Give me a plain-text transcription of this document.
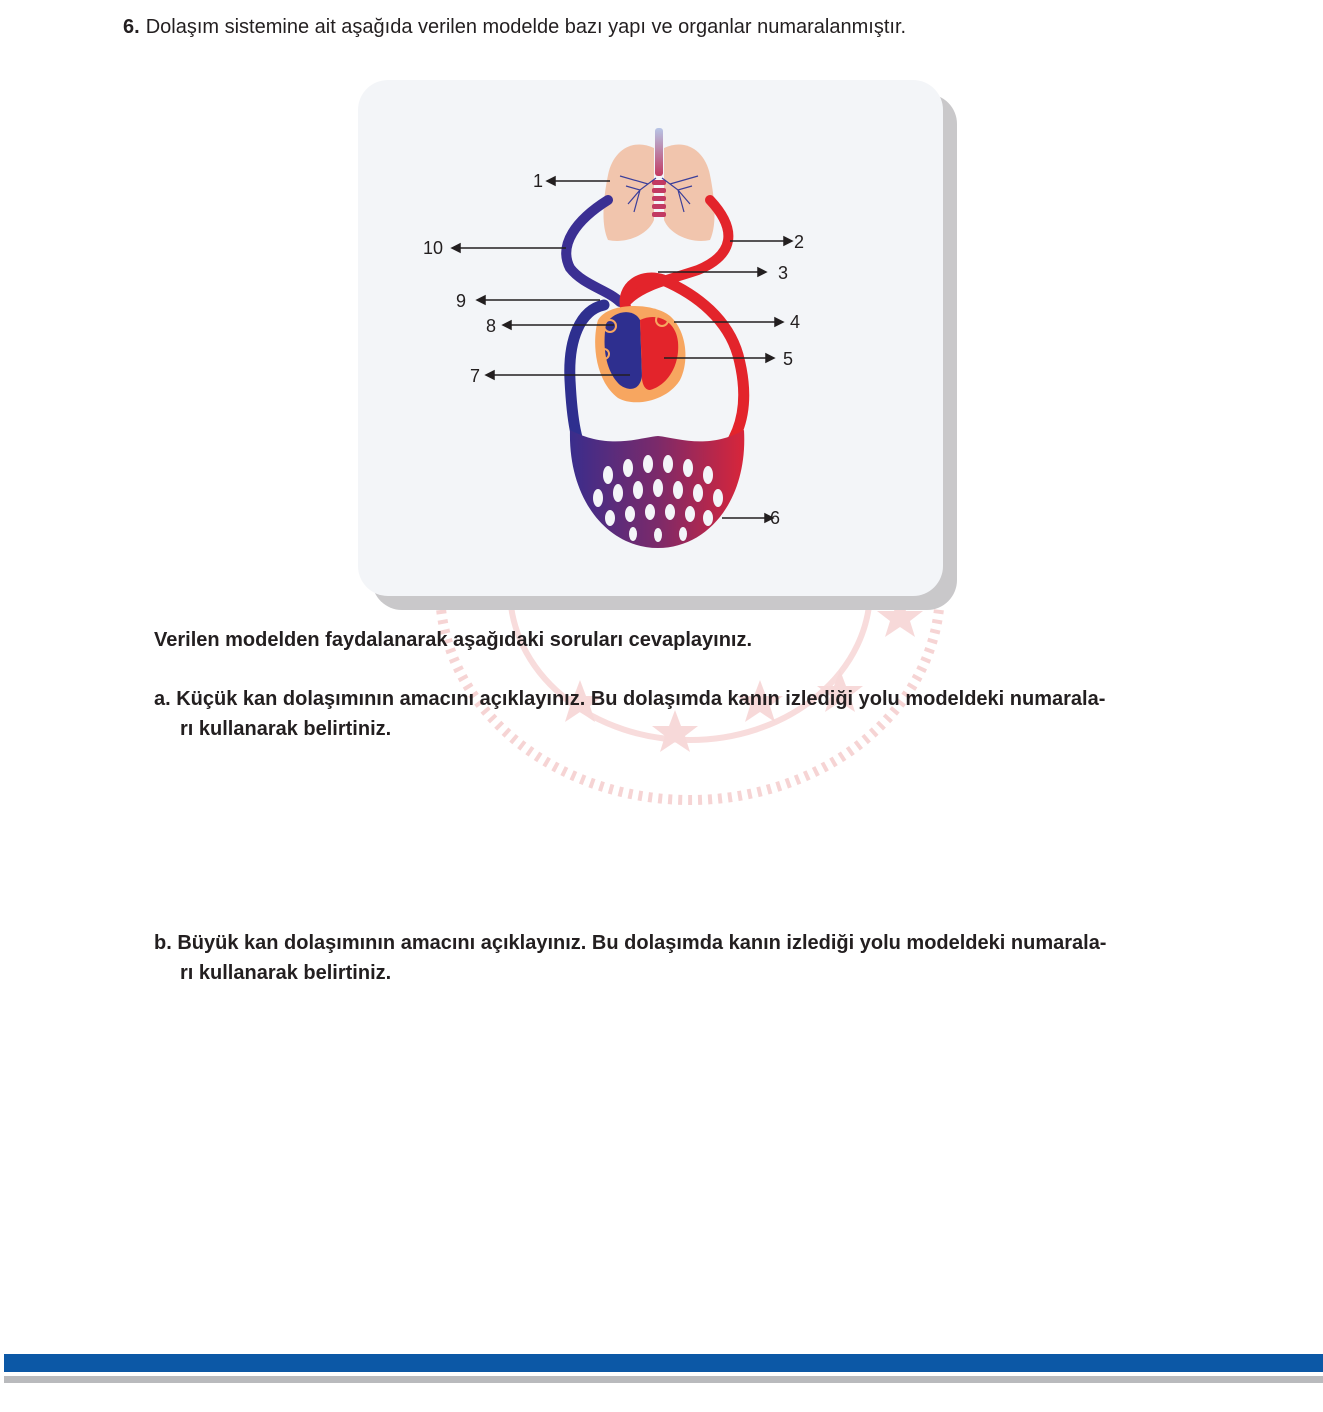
6. Dolaşım sistemine ait aşağıda verilen modelde bazı yapı ve organlar numaralanmıştır.
1
2
3
4
5
6
7
8
9
10
Verilen modelden faydalanarak aşağıdaki soruları cevaplayınız.
a. Küçük kan dolaşımının amacını açıklayınız. Bu dolaşımda kanın izlediği yolu modeldeki numarala-
rı kullanarak belirtiniz.
b. Büyük kan dolaşımının amacını açıklayınız. Bu dolaşımda kanın izlediği yolu modeldeki numarala-
rı kullanarak belirtiniz.
